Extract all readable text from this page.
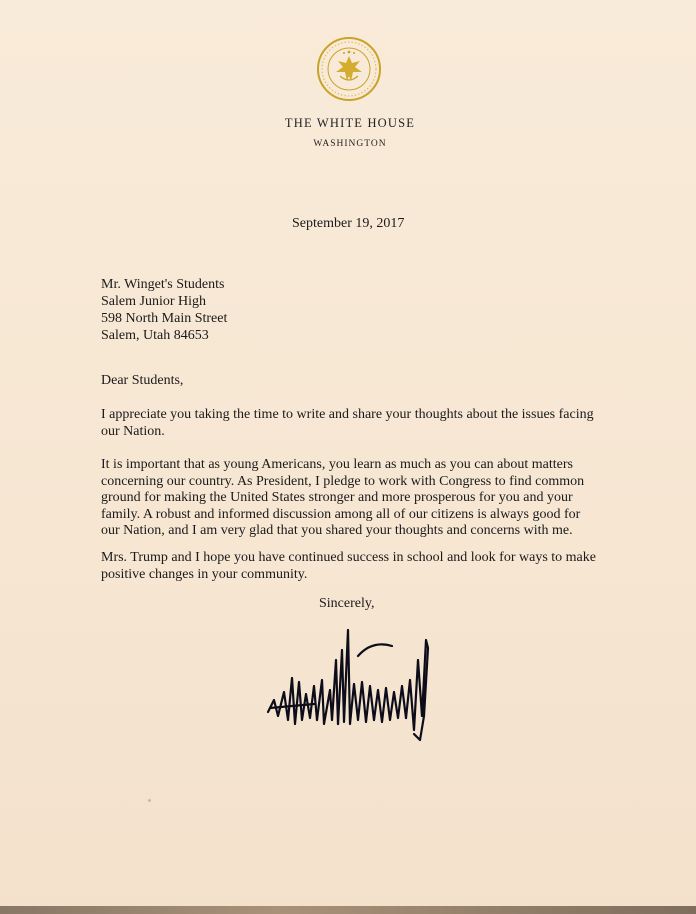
THE WHITE HOUSE
WASHINGTON
September 19, 2017
Mr. Winget's Students
Salem Junior High
598 North Main Street
Salem, Utah 84653
Dear Students,
I appreciate you taking the time to write and share your thoughts about the issues facing
our Nation.
It is important that as young Americans, you learn as much as you can about matters
concerning our country. As President, I pledge to work with Congress to find common
ground for making the United States stronger and more prosperous for you and your
family. A robust and informed discussion among all of our citizens is always good for
our Nation, and I am very glad that you shared your thoughts and concerns with me.
Mrs. Trump and I hope you have continued success in school and look for ways to make
positive changes in your community.
Sincerely,
